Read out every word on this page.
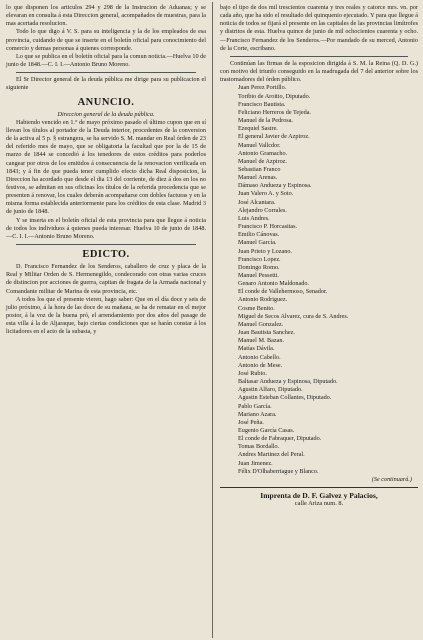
lo que disponen los articulos 294 y 298 de la Instrucion de Aduanas; y se elevaran en consulta á esta Direccion general, acompañados de muestras, para la mas acertada resolucion.

Todo lo que digo á V. S. para su inteligencia y la de los empleados de esa provincia, cuidando de que se inserte en el boletín oficial para conocimiento del comercio y demas personas á quienes corresponde.

Lo que se publica en el boletín oficial para la comun noticia.—Huelva 10 de junio de 1848.—C. I. I.—Antonio Bruno Moreno.

El Sr Director general de la deuda pública me dirige para su publicacion el siguiente

ANUNCIO.

Direccion general de la deuda pública.

Habiendo vencido en 1.° de mayo próximo pasado el último cupon que en sí llevan los títulos al portador de la Deuda interior, procedentes de la conversion de la activa al 5 p. § estrangera, se ha servido S. M. mandar en Real órden de 23 del referido mes de mayo, que se obligatoria la facultad que por la de 15 de marzo de 1844 se concedió á los tenedores de estos créditos para poderlos cangear por otros de los emitidos á consecuencia de la renovacion verificada en 1843; y á fin de que pueda tener cumplido efecto dicha Real disposicion, la Direccion ha acordado que desde el dia 13 del corriente, de diez á dos en los no festivos, se admitan en sus oficinas los títulos de la referida procedencia que se presenten á renovar, los cuales deberán acompañarse con dobles facturas y en la misma forma establecida anteriormente para los créditos de esta clase. Madrid 3 de junio de 1848.

Y se inserta en el boletín oficial de esta provincia para que llegue á noticia de todos los individuos á quienes pueda interesar. Huelva 10 de junio de 1848.—C. I. I.—Antonio Bruno Moreno.

EDICTO.

D. Francisco Fernandez de los Senderos, caballero de cruz y placa de la Real y Militar Orden de S. Hermenegildo, condecorado con otras varias cruces de distincion por acciones de guerra, capitan de fragata de la Armada nacional y Comandante militar de Marina de esta provincia, etc.

A todos los que el presente vieren, hago saber: Que en el día doce y seis de julio próximo, á la hora de las doce de su mañana, se ha de rematar en el mejor postor, á la voz de la buena pró, el arrendamiento por dos años del pasage de esta villa á la de Aljaraque, bajo ciertas condiciones que se harán constar á los licitadores en el acto de la subasta, y

bajo el tipo de dos mil trescientos cuarenta y tres reales y catorce mrs. vn. por cada año, que ha sido el resultado del quinquenio ejecutado. Y para que llegue á noticia de todos se fijará el presente en las capitales de las provincias limítrofes y distritos de esta. Huelva quince de junio de mil ochocientos cuarenta y ocho.—Francisco Fernandez de los Senderos.—Por mandado de su merced, Antonio de la Corte, escribano.

Continúan las firmas de la esposicion dirigida á S. M. la Reina (Q. D. G.) con motivo del triunfo conseguido en la madrugada del 7 del anterior sobre los trastornadores del órden público.

Juan Perez Portillo.
Toribio de Aroitio, Diputado.
Francisco Bautista.
Feliciano Herreros de Tejeda.
Manuel de la Pedrosa.
Ezequiel Sastre.
El general Javier de Azpiroz.
Manuel Vallcdor.
Antonio Gramacho.
Manuel de Azpiroz.
Sebastian Franco
Manuel Arenas.
Dámaso Andueza y Espinosa.
Juan Valero A. y Soto.
José Alcantara.
Alejandro Corrales.
Luis Andres.
Francisco P. Horcasitas.
Emilio Cánovas.
Manuel García.
Juan Prieto y Lozano.
Francisco Lopez.
Domingo Romo.
Manuel Pessetti.
Genaro Antonio Maldonado.
El conde de Vallehermoso, Senador.
Antonio Rodriguez.
Cosme Benito.
Miguel de Secos Alvarez, cura de S. Andres.
Manuel Gonzalez.
Juan Bautista Sanchez.
Manuel M. Bazan.
Matías Dávila.
Antonio Cabello.
Antonio de Mese.
José Rubio.
Baltasar Andueza y Espinosa, Diputado.
Agustin Alfaro, Diputado.
Agustin Esteban Collantes, Diputado.
Pablo García.
Mariano Azara.
José Peña.
Eugenio García Casas.
El conde de Fabraquer, Diputado.
Tomas Bordallo.
Andres Martinez del Peral.
Juan Jimenez.
Félix D'Olhaberriague y Blanco.

(Se continuará.)

Imprenta de D. F. Galvez y Palacios,
calle Ariza num. 8.
